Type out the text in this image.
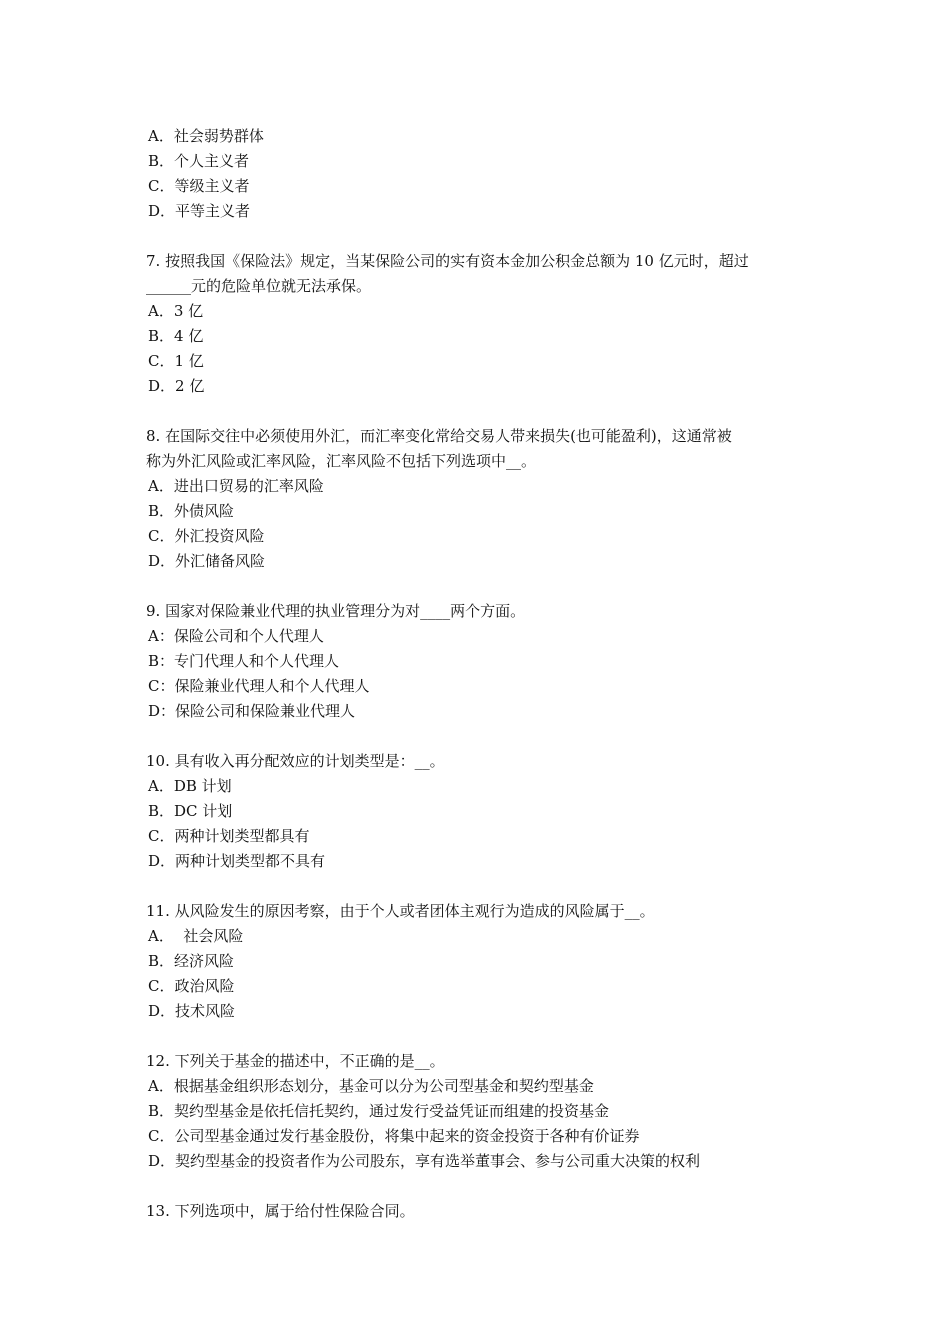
A．社会弱势群体
B．个人主义者
C．等级主义者
D．平等主义者
7. 按照我国《保险法》规定，当某保险公司的实有资本金加公积金总额为 10 亿元时，超过
______元的危险单位就无法承保。
A．3 亿
B．4 亿
C．1 亿
D．2 亿
8. 在国际交往中必须使用外汇，而汇率变化常给交易人带来损失(也可能盈利)，这通常被
称为外汇风险或汇率风险，汇率风险不包括下列选项中__。
A．进出口贸易的汇率风险
B．外债风险
C．外汇投资风险
D．外汇储备风险
9. 国家对保险兼业代理的执业管理分为对____两个方面。
A：保险公司和个人代理人
B：专门代理人和个人代理人
C：保险兼业代理人和个人代理人
D：保险公司和保险兼业代理人
10. 具有收入再分配效应的计划类型是：__。
A．DB 计划
B．DC 计划
C．两种计划类型都具有
D．两种计划类型都不具有
11. 从风险发生的原因考察，由于个人或者团体主观行为造成的风险属于__。
A．  社会风险
B．经济风险
C．政治风险
D．技术风险
12. 下列关于基金的描述中，不正确的是__。
A．根据基金组织形态划分，基金可以分为公司型基金和契约型基金
B．契约型基金是依托信托契约，通过发行受益凭证而组建的投资基金
C．公司型基金通过发行基金股份，将集中起来的资金投资于各种有价证券
D．契约型基金的投资者作为公司股东，享有选举董事会、参与公司重大决策的权利
13. 下列选项中，属于给付性保险合同。
